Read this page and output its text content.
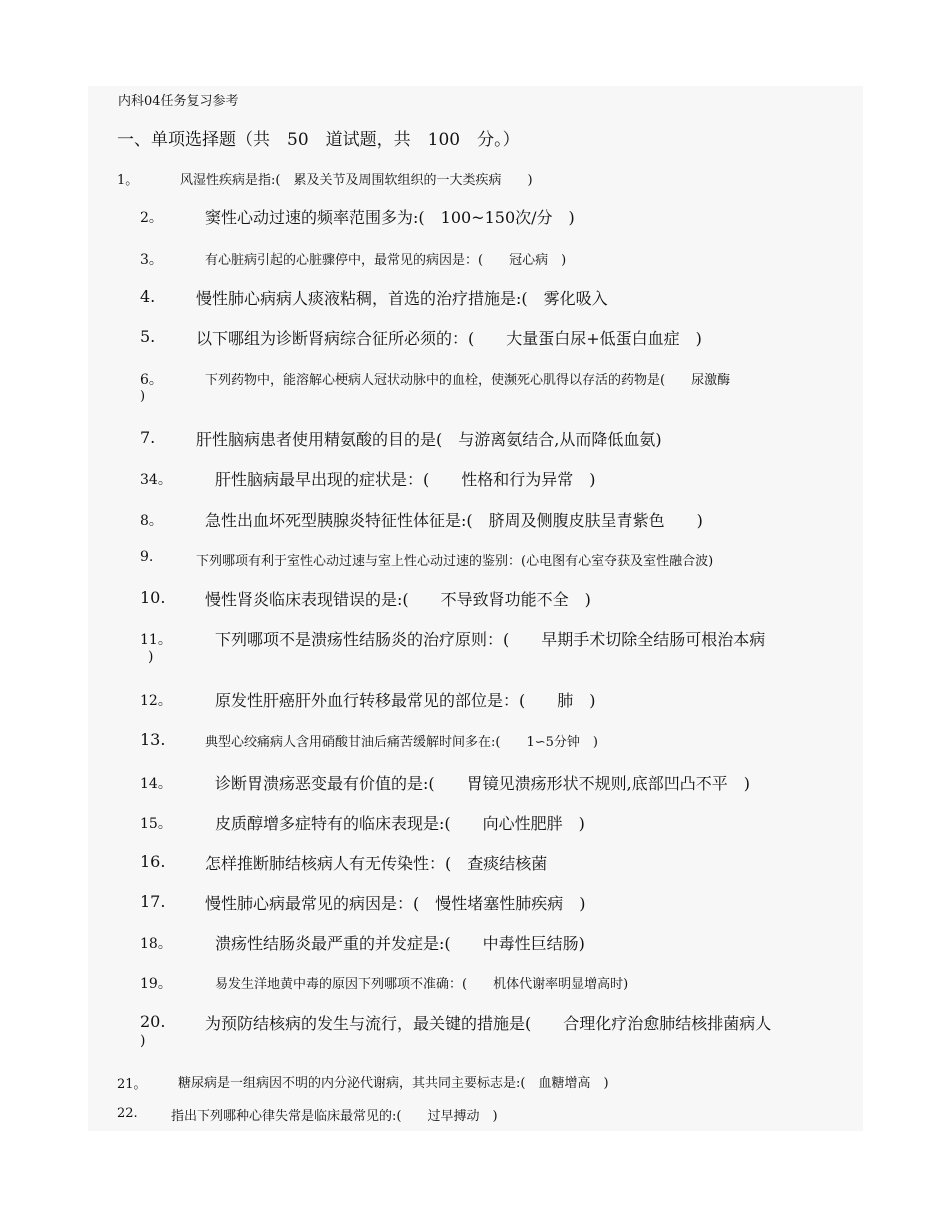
内科04任务复习参考
一、单项选择题（共　50　道试题，共　100　分。）
1。	风湿性疾病是指:(　累及关节及周围软组织的一大类疾病　　)
2。	窦性心动过速的频率范围多为:(　100~150次/分　)
3。	有心脏病引起的心脏骤停中，最常见的病因是：(　　冠心病　)
4.	慢性肺心病病人痰液粘稠，首选的治疗措施是:(　雾化吸入
5.	以下哪组为诊断肾病综合征所必须的：(　　大量蛋白尿+低蛋白血症　)
6。	下列药物中，能溶解心梗病人冠状动脉中的血栓，使濒死心肌得以存活的药物是(　　尿激酶
)
7.	肝性脑病患者使用精氨酸的目的是(　与游离氨结合,从而降低血氨)
34。	肝性脑病最早出现的症状是：(　　性格和行为异常　)
8。	急性出血坏死型胰腺炎特征性体征是:(　脐周及侧腹皮肤呈青紫色　　)
9.	下列哪项有利于室性心动过速与室上性心动过速的鉴别：(心电图有心室夺获及室性融合波)
10. 慢性肾炎临床表现错误的是:(　　不导致肾功能不全　)
11。	下列哪项不是溃疡性结肠炎的治疗原则：(　　早期手术切除全结肠可根治本病
)
12。	原发性肝癌肝外血行转移最常见的部位是：(　　肺　)
13.	典型心绞痛病人含用硝酸甘油后痛苦缓解时间多在:(　　1∽5分钟　)
14。	诊断胃溃疡恶变最有价值的是:(　　胃镜见溃疡形状不规则,底部凹凸不平　)
15。	皮质醇增多症特有的临床表现是:(　　向心性肥胖　)
16. 怎样推断肺结核病人有无传染性：(　查痰结核菌
17. 慢性肺心病最常见的病因是：(　慢性堵塞性肺疾病　)
18。	溃疡性结肠炎最严重的并发症是:(　　中毒性巨结肠)
19。	易发生洋地黄中毒的原因下列哪项不准确：(　　机体代谢率明显增高时)
20. 为预防结核病的发生与流行，最关键的措施是(　　合理化疗治愈肺结核排菌病人
)
21。 糖尿病是一组病因不明的内分泌代谢病，其共同主要标志是:(　血糖增高　)
22.	指出下列哪种心律失常是临床最常见的:(　　过早搏动　)
